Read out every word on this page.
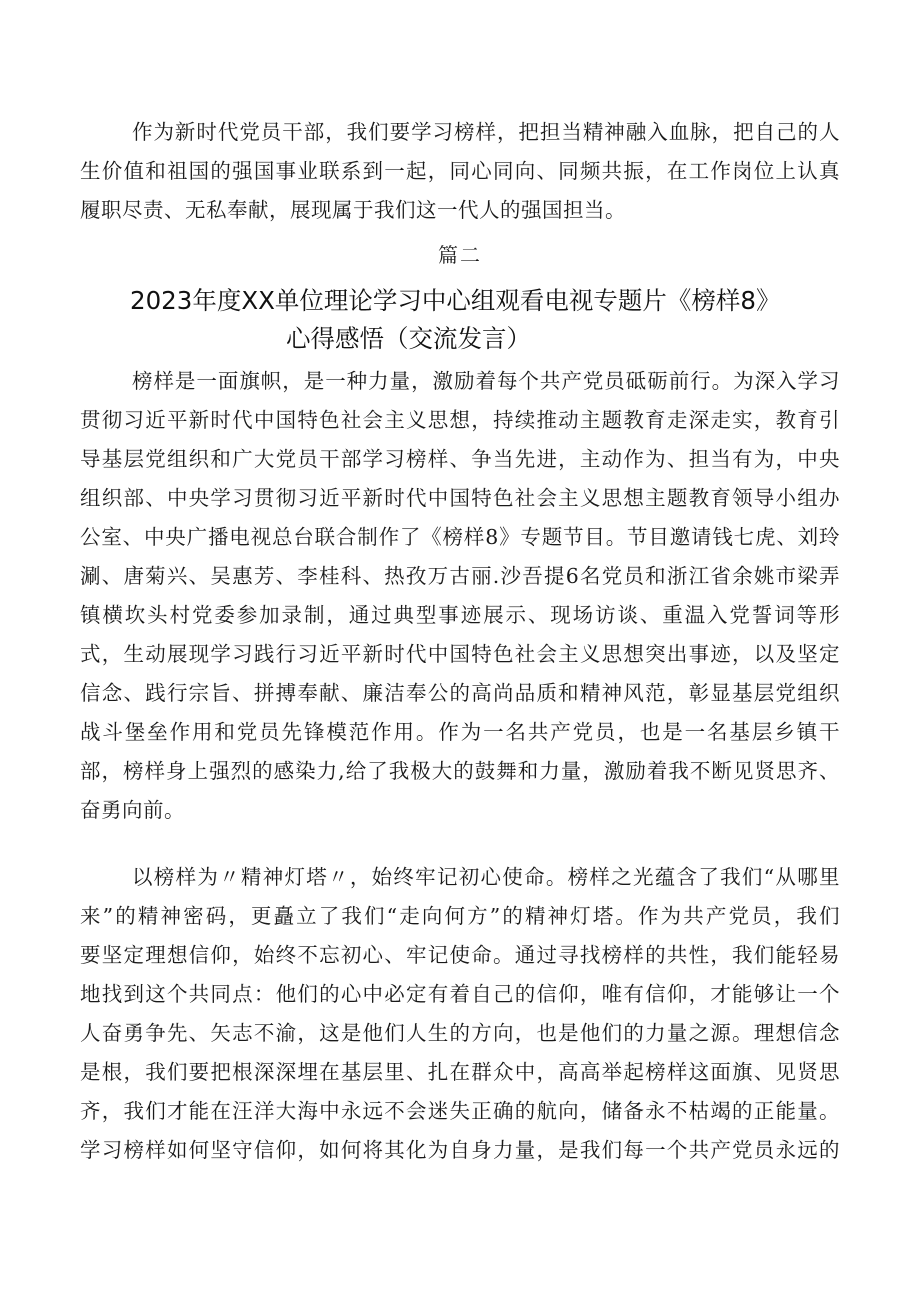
作为新时代党员干部，我们要学习榜样，把担当精神融入血脉，把自己的人
生价值和祖国的强国事业联系到一起，同心同向、同频共振，在工作岗位上认真
履职尽责、无私奉献，展现属于我们这一代人的强国担当。
篇二
2023年度XX单位理论学习中心组观看电视专题片《榜样8》
心得感悟（交流发言）
榜样是一面旗帜，是一种力量，激励着每个共产党员砥砺前行。为深入学习
贯彻习近平新时代中国特色社会主义思想，持续推动主题教育走深走实，教育引
导基层党组织和广大党员干部学习榜样、争当先进，主动作为、担当有为，中央
组织部、中央学习贯彻习近平新时代中国特色社会主义思想主题教育领导小组办
公室、中央广播电视总台联合制作了《榜样8》专题节目。节目邀请钱七虎、刘玲
涮、唐菊兴、吴惠芳、李桂科、热孜万古丽.沙吾提6名党员和浙江省余姚市梁弄
镇横坎头村党委参加录制，通过典型事迹展示、现场访谈、重温入党誓词等形
式，生动展现学习践行习近平新时代中国特色社会主义思想突出事迹，以及坚定
信念、践行宗旨、拼搏奉献、廉洁奉公的高尚品质和精神风范，彰显基层党组织
战斗堡垒作用和党员先锋模范作用。作为一名共产党员，也是一名基层乡镇干
部，榜样身上强烈的感染力,给了我极大的鼓舞和力量，激励着我不断见贤思齐、
奋勇向前。
以榜样为〃精神灯塔〃，始终牢记初心使命。榜样之光蕴含了我们“从哪里
来”的精神密码，更矗立了我们“走向何方”的精神灯塔。作为共产党员，我们
要坚定理想信仰，始终不忘初心、牢记使命。通过寻找榜样的共性，我们能轻易
地找到这个共同点：他们的心中必定有着自己的信仰，唯有信仰，才能够让一个
人奋勇争先、矢志不渝，这是他们人生的方向，也是他们的力量之源。理想信念
是根，我们要把根深深埋在基层里、扎在群众中，高高举起榜样这面旗、见贤思
齐，我们才能在汪洋大海中永远不会迷失正确的航向，储备永不枯竭的正能量。
学习榜样如何坚守信仰，如何将其化为自身力量，是我们每一个共产党员永远的
